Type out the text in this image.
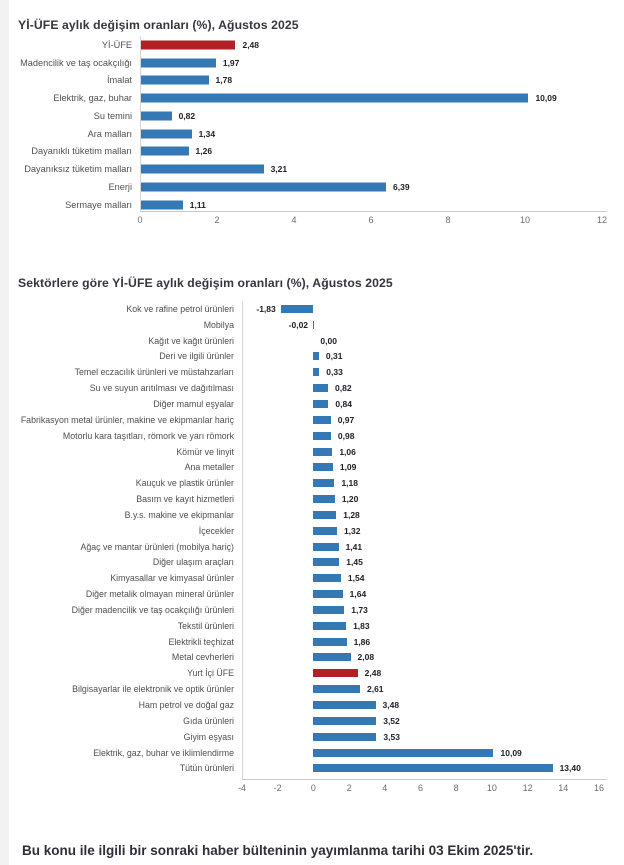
Yİ-ÜFE aylık değişim oranları (%), Ağustos 2025
Yİ-ÜFE	2,48
Madencilik ve taş ocakçılığı	1,97
İmalat	1,78
Elektrik, gaz, buhar	10,09
Su temini	0,82
Ara malları	1,34
Dayanıklı tüketim malları	1,26
Dayanıksız tüketim malları	3,21
Enerji	6,39
Sermaye malları	1,11
0	2	4	6	8	10	12
Sektörlere göre Yİ-ÜFE aylık değişim oranları (%), Ağustos 2025
Kok ve rafine petrol ürünleri	-1,83
Mobilya	-0,02
Kağıt ve kağıt ürünleri	0,00
Deri ve ilgili ürünler	0,31
Temel eczacılık ürünleri ve müstahzarları	0,33
Su ve suyun arıtılması ve dağıtılması	0,82
Diğer mamul eşyalar	0,84
Fabrikasyon metal ürünler, makine ve ekipmanlar hariç	0,97
Motorlu kara taşıtları, römork ve yarı römork	0,98
Kömür ve linyit	1,06
Ana metaller	1,09
Kauçuk ve plastik ürünler	1,18
Basım ve kayıt hizmetleri	1,20
B.y.s. makine ve ekipmanlar	1,28
İçecekler	1,32
Ağaç ve mantar ürünleri (mobilya hariç)	1,41
Diğer ulaşım araçları	1,45
Kimyasallar ve kimyasal ürünler	1,54
Diğer metalik olmayan mineral ürünler	1,64
Diğer madencilik ve taş ocakçılığı ürünleri	1,73
Tekstil ürünleri	1,83
Elektrikli teçhizat	1,86
Metal cevherleri	2,08
Yurt İçi ÜFE	2,48
Bilgisayarlar ile elektronik ve optik ürünler	2,61
Ham petrol ve doğal gaz	3,48
Gıda ürünleri	3,52
Giyim eşyası	3,53
Elektrik, gaz, buhar ve iklimlendirme	10,09
Tütün ürünleri	13,40
-4	-2	0	2	4	6	8	10	12	14	16

Bu konu ile ilgili bir sonraki haber bülteninin yayımlanma tarihi 03 Ekim 2025'tir.
